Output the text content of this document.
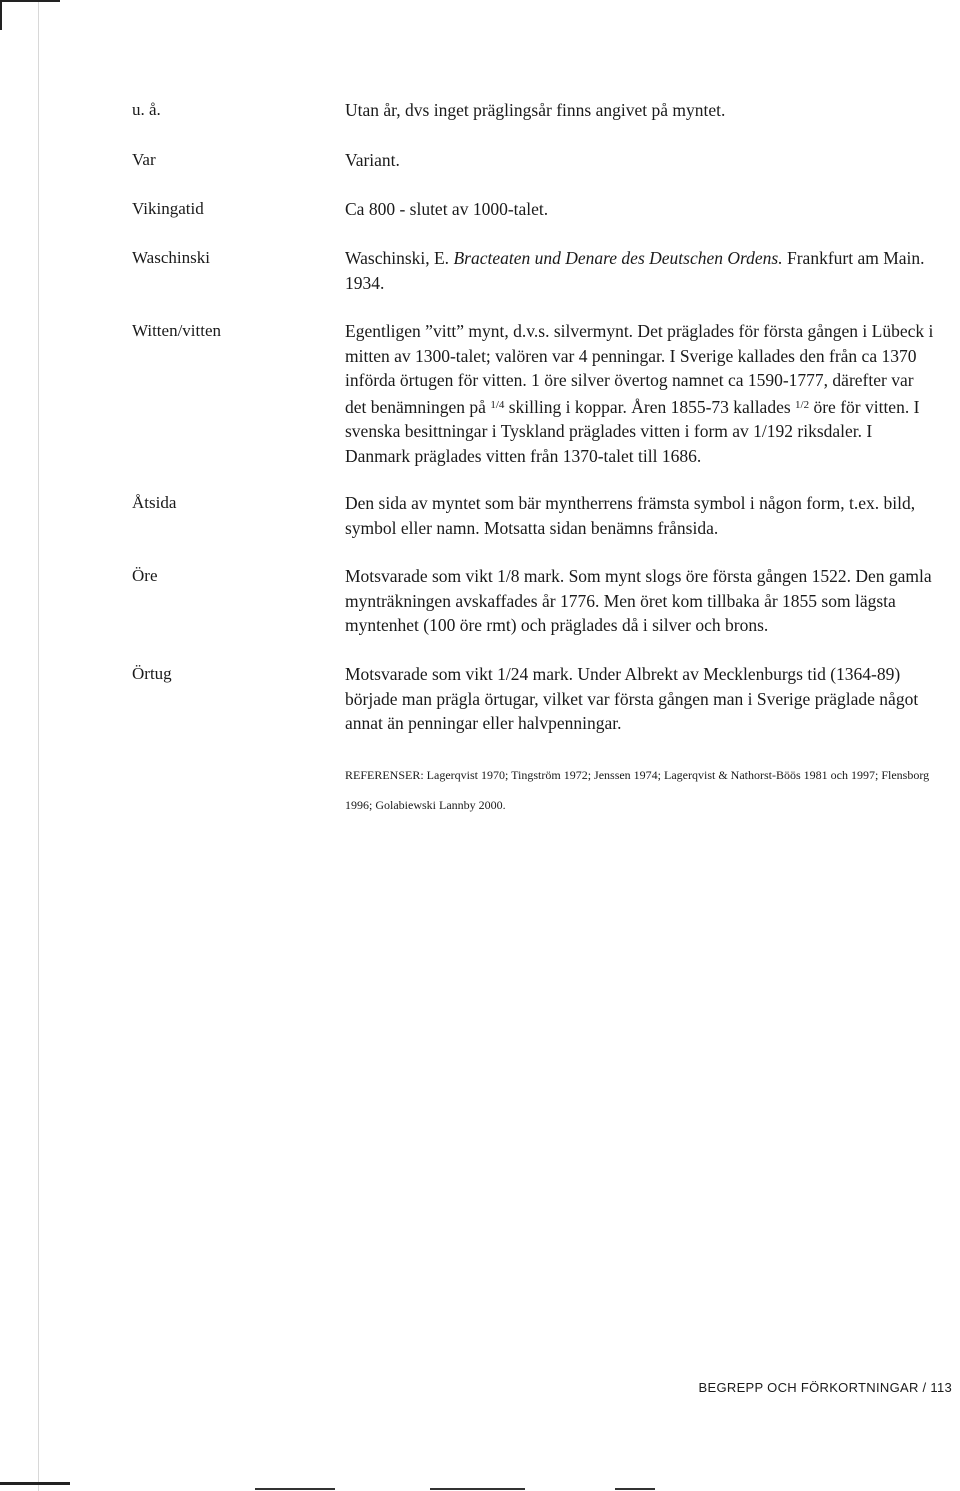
u. å.	Utan år, dvs inget präglingsår finns angivet på myntet.
Var	Variant.
Vikingatid	Ca 800 - slutet av 1000-talet.
Waschinski	Waschinski, E. Bracteaten und Denare des Deutschen Ordens. Frankfurt am Main. 1934.
Witten/vitten	Egentligen ”vitt” mynt, d.v.s. silvermynt. Det präglades för första gången i Lübeck i mitten av 1300-talet; valören var 4 penningar. I Sverige kallades den från ca 1370 införda örtugen för vitten. 1 öre silver övertog namnet ca 1590-1777, därefter var det benämningen på $^{1/4}$ skilling i koppar. Åren 1855-73 kallades $^{1/2}$ öre för vitten. I svenska besittningar i Tyskland präglades vitten i form av 1/192 riksdaler. I Danmark präglades vitten från 1370-talet till 1686.
Åtsida	Den sida av myntet som bär myntherrens främsta symbol i någon form, t.ex. bild, symbol eller namn. Motsatta sidan benämns frånsida.
Öre	Motsvarade som vikt 1/8 mark. Som mynt slogs öre första gången 1522. Den gamla mynträkningen avskaffades år 1776. Men öret kom tillbaka år 1855 som lägsta myntenhet (100 öre rmt) och präglades då i silver och brons.
Örtug	Motsvarade som vikt 1/24 mark. Under Albrekt av Mecklenburgs tid (1364-89) började man prägla örtugar, vilket var första gången man i Sverige präglade något annat än penningar eller halvpenningar.
REFERENSER: Lagerqvist 1970; Tingström 1972; Jenssen 1974; Lagerqvist & Nathorst-Böös 1981 och 1997; Flensborg 1996; Golabiewski Lannby 2000.
BEGREPP OCH FÖRKORTNINGAR / 113
